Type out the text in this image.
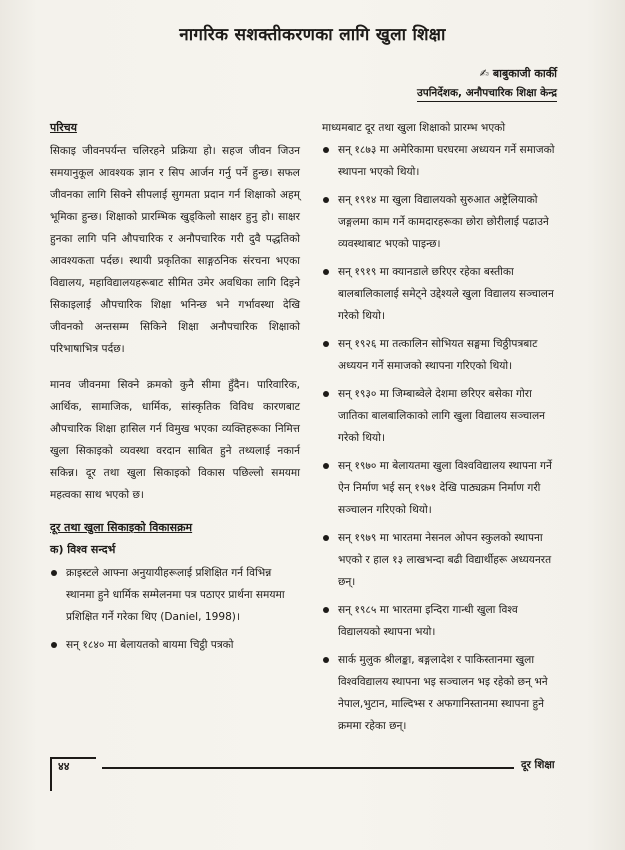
नागरिक सशक्तीकरणका लागि खुला शिक्षा
✍ बाबुकाजी कार्की
उपनिर्देशक, अनौपचारिक शिक्षा केन्द्र
परिचय

सिकाइ जीवनपर्यन्त चलिरहने प्रक्रिया हो। सहज जीवन जिउन समयानुकूल आवश्यक ज्ञान र सिप आर्जन गर्नु पर्ने हुन्छ। सफल जीवनका लागि सिक्ने सीपलाई सुगमता प्रदान गर्न शिक्षाको अहम् भूमिका हुन्छ। शिक्षाको प्रारम्भिक खुड्किलो साक्षर हुनु हो। साक्षर हुनका लागि पनि औपचारिक र अनौपचारिक गरी दुवै पद्धतिको आवश्यकता पर्दछ। स्थायी प्रकृतिका साङ्गठनिक संरचना भएका विद्यालय, महाविद्यालयहरूबाट सीमित उमेर अवधिका लागि दिइने सिकाइलाई औपचारिक शिक्षा भनिन्छ भने गर्भावस्था देखि जीवनको अन्तसम्म सिकिने शिक्षा अनौपचारिक शिक्षाको परिभाषाभित्र पर्दछ।

मानव जीवनमा सिक्ने क्रमको कुनै सीमा हुँदैन। पारिवारिक, आर्थिक, सामाजिक, धार्मिक, सांस्कृतिक विविध कारणबाट औपचारिक शिक्षा हासिल गर्न विमुख भएका व्यक्तिहरूका निमित्त खुला सिकाइको व्यवस्था वरदान साबित हुने तथ्यलाई नकार्न सकिन्न। दूर तथा खुला सिकाइको विकास पछिल्लो समयमा महत्वका साथ भएको छ।

दूर तथा खुला सिकाइको विकासक्रम
क) विश्व सन्दर्भ
क्राइस्टले आफ्ना अनुयायीहरूलाई प्रशिक्षित गर्न विभिन्न स्थानमा हुने धार्मिक सम्मेलनमा पत्र पठाएर प्रार्थना समयमा प्रशिक्षित गर्ने गरेका थिए (Daniel, 1998)।
सन् १८४० मा बेलायतको बायमा चिट्ठी पत्रको

माध्यमबाट दूर तथा खुला शिक्षाको प्रारम्भ भएको

सन् १८७३ मा अमेरिकामा घरघरमा अध्ययन गर्ने समाजको स्थापना भएको थियो।
सन् १९१४ मा खुला विद्यालयको सुरुआत अष्ट्रेलियाको जङ्गलमा काम गर्ने कामदारहरूका छोरा छोरीलाई पढाउने व्यवस्थाबाट भएको पाइन्छ।
सन् १९१९ मा क्यानडाले छरिएर रहेका बस्तीका बालबालिकालाई समेट्ने उद्देश्यले खुला विद्यालय सञ्चालन गरेको थियो।
सन् १९२६ मा तत्कालिन सोभियत सङ्घमा चिठ्ठीपत्रबाट अध्ययन गर्ने समाजको स्थापना गरिएको थियो।
सन् १९३० मा जिम्बाब्वेले देशमा छरिएर बसेका गोरा जातिका बालबालिकाको लागि खुला विद्यालय सञ्चालन गरेको थियो।
सन् १९७० मा बेलायतमा खुला विश्वविद्यालय स्थापना गर्ने ऐन निर्माण भई सन् १९७१ देखि पाठ्यक्रम निर्माण गरी सञ्चालन गरिएको थियो।
सन् १९७९ मा भारतमा नेसनल ओपन स्कुलको स्थापना भएको र हाल १३ लाखभन्दा बढी विद्यार्थीहरू अध्ययनरत छन्।
सन् १९८५ मा भारतमा इन्दिरा गान्धी खुला विश्व विद्यालयको स्थापना भयो।
सार्क मुलुक श्रीलङ्का, बङ्गलादेश र पाकिस्तानमा खुला विश्वविद्यालय स्थापना भइ सञ्चालन भइ रहेको छन् भने नेपाल,भुटान, माल्दिभ्स र अफगानिस्तानमा स्थापना हुने क्रममा रहेका छन्।
४४	दूर शिक्षा
